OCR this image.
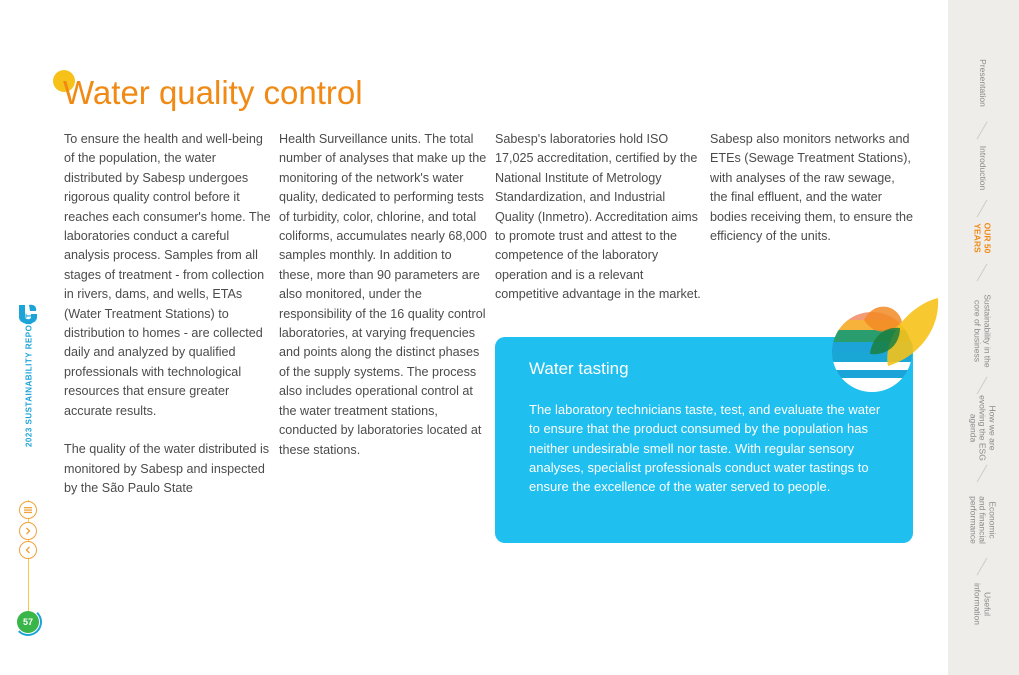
Water quality control

To ensure the health and well-being of the population, the water distributed by Sabesp undergoes rigorous quality control before it reaches each consumer's home. The laboratories conduct a careful analysis process. Samples from all stages of treatment - from collection in rivers, dams, and wells, ETAs (Water Treatment Stations) to distribution to homes - are collected daily and analyzed by qualified professionals with technological resources that ensure greater accurate results.

The quality of the water distributed is monitored by Sabesp and inspected by the São Paulo State

Health Surveillance units. The total number of analyses that make up the monitoring of the network's water quality, dedicated to performing tests of turbidity, color, chlorine, and total coliforms, accumulates nearly 68,000 samples monthly. In addition to these, more than 90 parameters are also monitored, under the responsibility of the 16 quality control laboratories, at varying frequencies and points along the distinct phases of the supply systems. The process also includes operational control at the water treatment stations, conducted by laboratories located at these stations.

Sabesp's laboratories hold ISO 17,025 accreditation, certified by the National Institute of Metrology Standardization, and Industrial Quality (Inmetro). Accreditation aims to promote trust and attest to the competence of the laboratory operation and is a relevant competitive advantage in the market.

Sabesp also monitors networks and ETEs (Sewage Treatment Stations), with analyses of the raw sewage, the final effluent, and the water bodies receiving them, to ensure the efficiency of the units.

Water tasting
The laboratory technicians taste, test, and evaluate the water to ensure that the product consumed by the population has neither undesirable smell nor taste. With regular sensory analyses, specialist professionals conduct water tastings to ensure the excellence of the water served to people.
2023 SUSTAINABILITY REPORT
57
Presentation
Introduction
OUR 50
YEARS
Sustainability in the
core of business
How we are
evolving the ESG
agenda
Economic
and financial
performance
Useful
information
